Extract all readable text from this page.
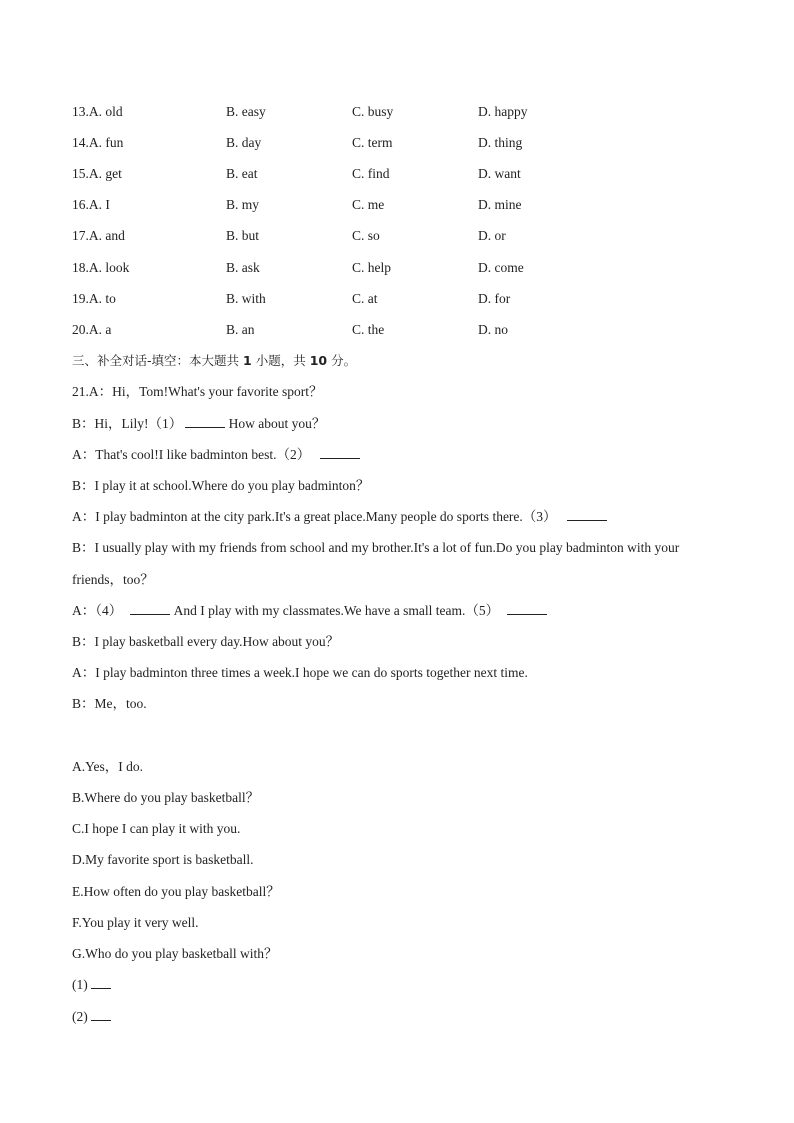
13.A. old	B. easy	C. busy	D. happy
14.A. fun	B. day	C. term	D. thing
15.A. get	B. eat	C. find	D. want
16.A. I	B. my	C. me	D. mine
17.A. and	B. but	C. so	D. or
18.A. look	B. ask	C. help	D. come
19.A. to	B. with	C. at	D. for
20.A. a	B. an	C. the	D. no
三、补全对话-填空：本大题共 1 小题，共 10 分。
21.A：Hi，Tom!What's your favorite sport？
B：Hi，Lily!（1）	How about you？
A：That's cool!I like badminton best.（2）
B：I play it at school.Where do you play badminton？
A：I play badminton at the city park.It's a great place.Many people do sports there.（3）
B：I usually play with my friends from school and my brother.It's a lot of fun.Do you play badminton with your
friends，too？
A：（4）	And I play with my classmates.We have a small team.（5）
B：I play basketball every day.How about you？
A：I play badminton three times a week.I hope we can do sports together next time.
B：Me，too.
A.Yes，I do.
B.Where do you play basketball？
C.I hope I can play it with you.
D.My favorite sport is basketball.
E.How often do you play basketball？
F.You play it very well.
G.Who do you play basketball with？
(1)
(2)
